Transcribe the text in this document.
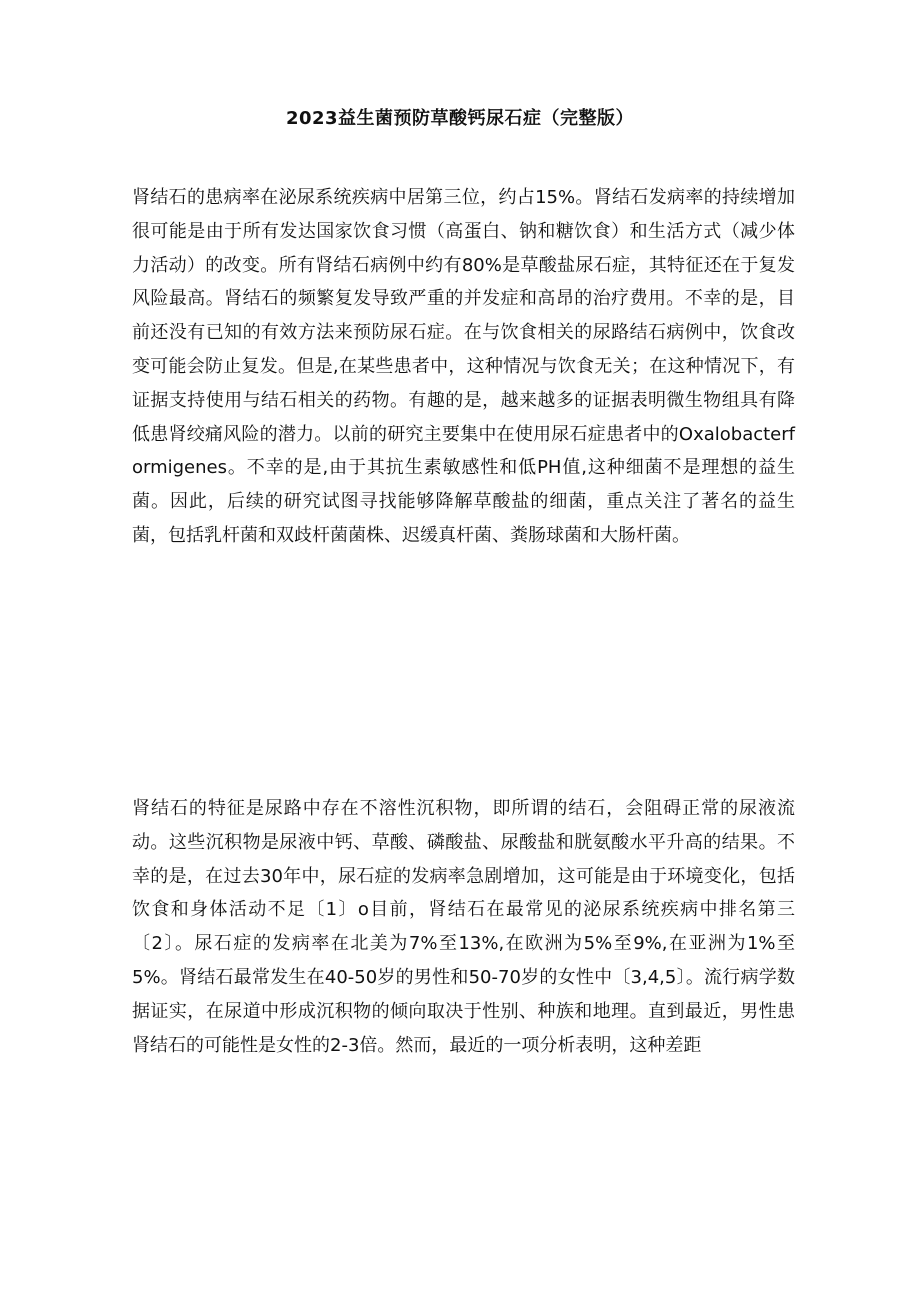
2023益生菌预防草酸钙尿石症（完整版）

肾结石的患病率在泌尿系统疾病中居第三位，约占15%。肾结石发病率的持续增加很可能是由于所有发达国家饮食习惯（高蛋白、钠和糖饮食）和生活方式（减少体力活动）的改变。所有肾结石病例中约有80%是草酸盐尿石症，其特征还在于复发风险最高。肾结石的频繁复发导致严重的并发症和高昂的治疗费用。不幸的是，目前还没有已知的有效方法来预防尿石症。在与饮食相关的尿路结石病例中，饮食改变可能会防止复发。但是,在某些患者中，这种情况与饮食无关；在这种情况下，有证据支持使用与结石相关的药物。有趣的是，越来越多的证据表明微生物组具有降低患肾绞痛风险的潜力。以前的研究主要集中在使用尿石症患者中的Oxalobacterformigenes。不幸的是,由于其抗生素敏感性和低PH值,这种细菌不是理想的益生菌。因此，后续的研究试图寻找能够降解草酸盐的细菌，重点关注了著名的益生菌，包括乳杆菌和双歧杆菌菌株、迟缓真杆菌、粪肠球菌和大肠杆菌。

肾结石的特征是尿路中存在不溶性沉积物，即所谓的结石，会阻碍正常的尿液流动。这些沉积物是尿液中钙、草酸、磷酸盐、尿酸盐和胱氨酸水平升高的结果。不幸的是，在过去30年中，尿石症的发病率急剧增加，这可能是由于环境变化，包括饮食和身体活动不足〔1〕o目前，肾结石在最常见的泌尿系统疾病中排名第三〔2〕。尿石症的发病率在北美为7%至13%,在欧洲为5%至9%,在亚洲为1%至5%。肾结石最常发生在40-50岁的男性和50-70岁的女性中〔3,4,5〕。流行病学数据证实，在尿道中形成沉积物的倾向取决于性别、种族和地理。直到最近，男性患肾结石的可能性是女性的2-3倍。然而，最近的一项分析表明，这种差距
